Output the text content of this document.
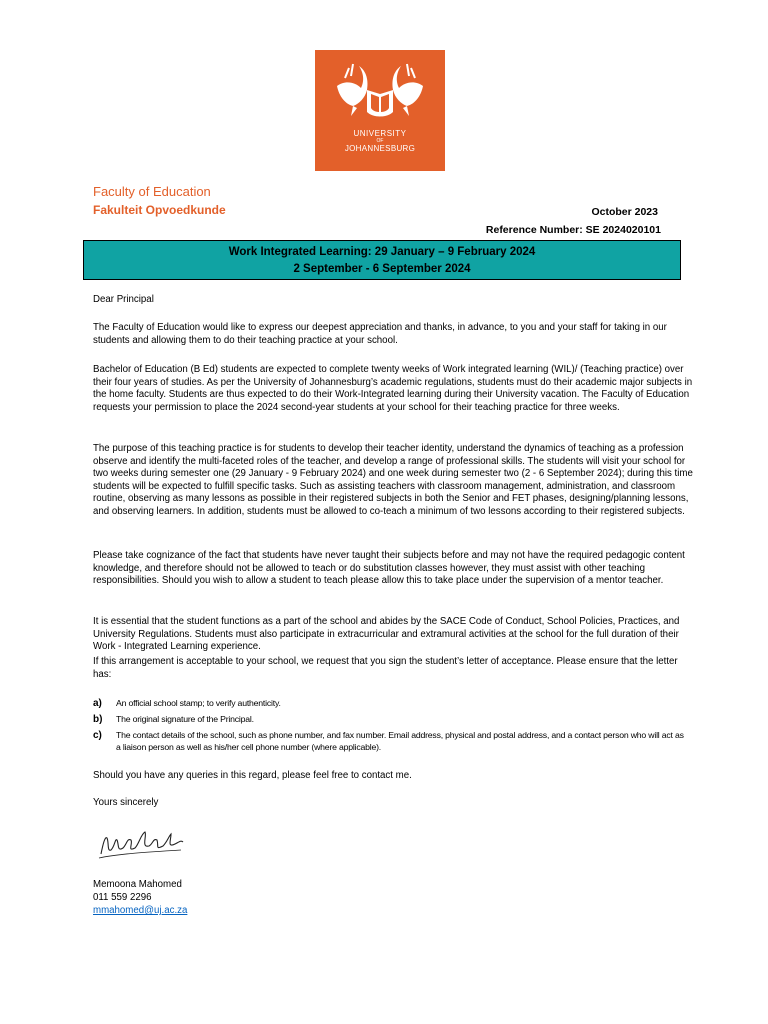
UNIVERSITY
OF
JOHANNESBURG
Faculty of Education
Fakulteit Opvoedkunde	October 2023
Reference Number: SE 2024020101
Work Integrated Learning: 29 January – 9 February 2024
2 September - 6 September 2024

Dear Principal

The Faculty of Education would like to express our deepest appreciation and thanks, in advance, to you and your staff for taking in our students and allowing them to do their teaching practice at your school.

Bachelor of Education (B Ed) students are expected to complete twenty weeks of Work integrated learning (WIL)/ (Teaching practice) over their four years of studies. As per the University of Johannesburg’s academic regulations, students must do their academic major subjects in the home faculty. Students are thus expected to do their Work-Integrated learning during their University vacation. The Faculty of Education requests your permission to place the 2024 second-year students at your school for their teaching practice for three weeks.

The purpose of this teaching practice is for students to develop their teacher identity, understand the dynamics of teaching as a profession observe and identify the multi-faceted roles of the teacher, and develop a range of professional skills. The students will visit your school for two weeks during semester one (29 January - 9 February 2024) and one week during semester two (2 - 6 September 2024); during this time students will be expected to fulfill specific tasks. Such as assisting teachers with classroom management, administration, and classroom routine, observing as many lessons as possible in their registered subjects in both the Senior and FET phases, designing/planning lessons, and observing learners. In addition, students must be allowed to co-teach a minimum of two lessons according to their registered subjects.

Please take cognizance of the fact that students have never taught their subjects before and may not have the required pedagogic content knowledge, and therefore should not be allowed to teach or do substitution classes however, they must assist with other teaching responsibilities. Should you wish to allow a student to teach please allow this to take place under the supervision of a mentor teacher.

It is essential that the student functions as a part of the school and abides by the SACE Code of Conduct, School Policies, Practices, and University Regulations. Students must also participate in extracurricular and extramural activities at the school for the full duration of their Work - Integrated Learning experience.

If this arrangement is acceptable to your school, we request that you sign the student’s letter of acceptance. Please ensure that the letter has:

a) An official school stamp; to verify authenticity.
b) The original signature of the Principal.
c) The contact details of the school, such as phone number, and fax number. Email address, physical and postal address, and a contact person who will act as a liaison person as well as his/her cell phone number (where applicable).

Should you have any queries in this regard, please feel free to contact me.

Yours sincerely

Memoona Mahomed

011 559 2296

mmahomed@uj.ac.za
